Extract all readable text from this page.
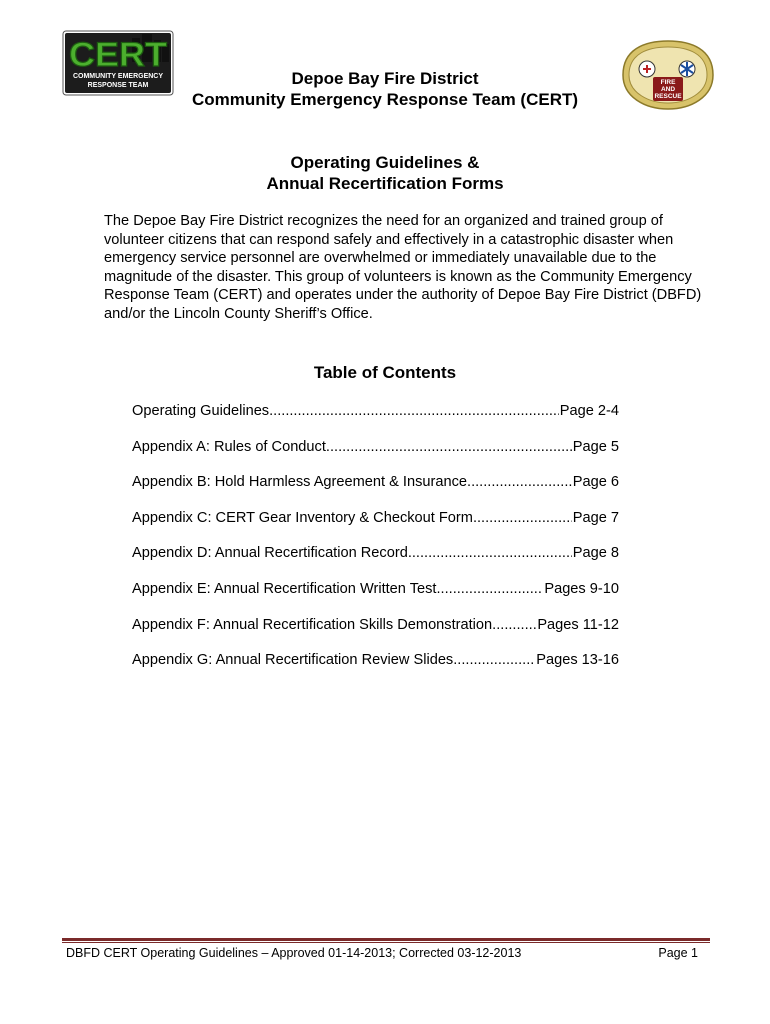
CERT
COMMUNITY EMERGENCY
RESPONSE TEAM	FIRE
AND
RESCUE
Depoe Bay Fire District
Community Emergency Response Team (CERT)
Operating Guidelines &
Annual Recertification Forms

The Depoe Bay Fire District recognizes the need for an organized and trained group of volunteer citizens that can respond safely and effectively in a catastrophic disaster when emergency service personnel are overwhelmed or immediately unavailable due to the magnitude of the disaster. This group of volunteers is known as the Community Emergency Response Team (CERT) and operates under the authority of Depoe Bay Fire District (DBFD) and/or the Lincoln County Sheriff’s Office.

Table of Contents
Operating Guidelines .....	Page 2-4
Appendix A: Rules of Conduct .....	Page 5
Appendix B: Hold Harmless Agreement & Insurance .....	Page 6
Appendix C: CERT Gear Inventory & Checkout Form .....	Page 7
Appendix D: Annual Recertification Record .....	Page 8
Appendix E: Annual Recertification Written Test .....	Pages 9-10
Appendix F: Annual Recertification Skills Demonstration .....	Pages 11-12
Appendix G: Annual Recertification Review Slides .....	Pages 13-16
DBFD CERT Operating Guidelines – Approved 01-14-2013; Corrected 03-12-2013	Page 1
